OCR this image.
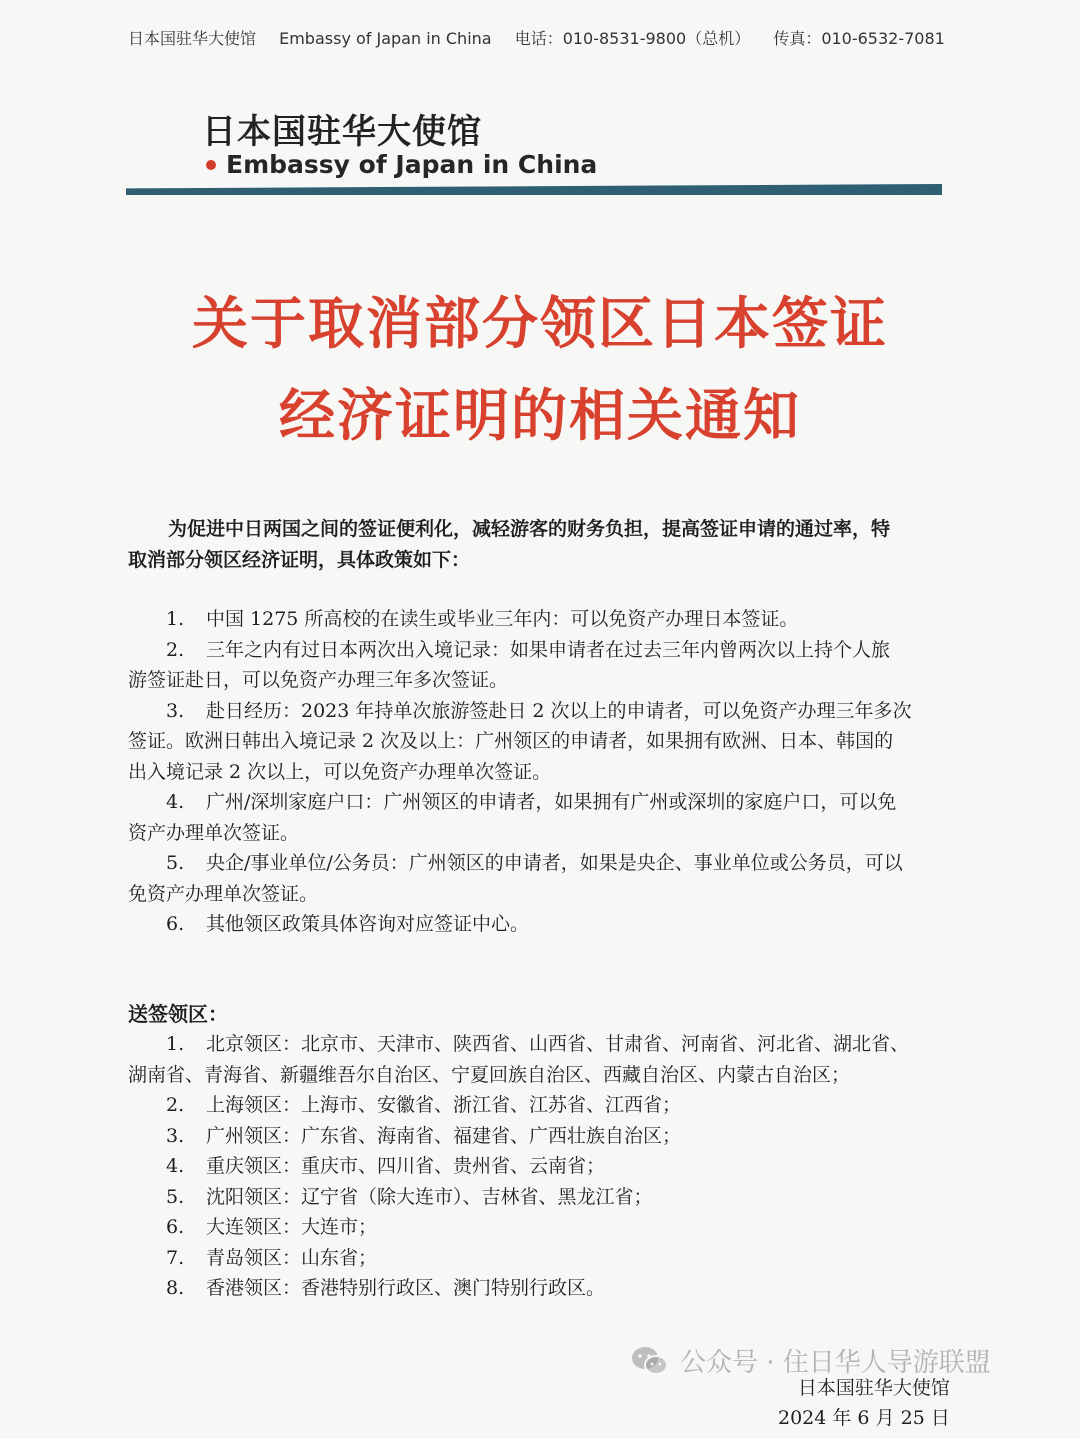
日本国驻华大使馆 Embassy of Japan in China 电话：010-8531-9800（总机） 传真：010-6532-7081
日本国驻华大使馆
Embassy of Japan in China
关于取消部分领区日本签证
经济证明的相关通知
为促进中日两国之间的签证便利化，减轻游客的财务负担，提高签证申请的通过率，特
取消部分领区经济证明，具体政策如下：
1. 中国 1275 所高校的在读生或毕业三年内：可以免资产办理日本签证。
2. 三年之内有过日本两次出入境记录：如果申请者在过去三年内曾两次以上持个人旅
游签证赴日，可以免资产办理三年多次签证。
3. 赴日经历：2023 年持单次旅游签赴日 2 次以上的申请者，可以免资产办理三年多次
签证。欧洲日韩出入境记录 2 次及以上：广州领区的申请者，如果拥有欧洲、日本、韩国的
出入境记录 2 次以上，可以免资产办理单次签证。
4. 广州/深圳家庭户口：广州领区的申请者，如果拥有广州或深圳的家庭户口，可以免
资产办理单次签证。
5. 央企/事业单位/公务员：广州领区的申请者，如果是央企、事业单位或公务员，可以
免资产办理单次签证。
6. 其他领区政策具体咨询对应签证中心。
送签领区：
1. 北京领区：北京市、天津市、陕西省、山西省、甘肃省、河南省、河北省、湖北省、
湖南省、青海省、新疆维吾尔自治区、宁夏回族自治区、西藏自治区、内蒙古自治区；
2. 上海领区：上海市、安徽省、浙江省、江苏省、江西省；
3. 广州领区：广东省、海南省、福建省、广西壮族自治区；
4. 重庆领区：重庆市、四川省、贵州省、云南省；
5. 沈阳领区：辽宁省（除大连市）、吉林省、黑龙江省；
6. 大连领区：大连市；
7. 青岛领区：山东省；
8. 香港领区：香港特别行政区、澳门特别行政区。
公众号 · 住日华人导游联盟
日本国驻华大使馆
2024 年 6 月 25 日
